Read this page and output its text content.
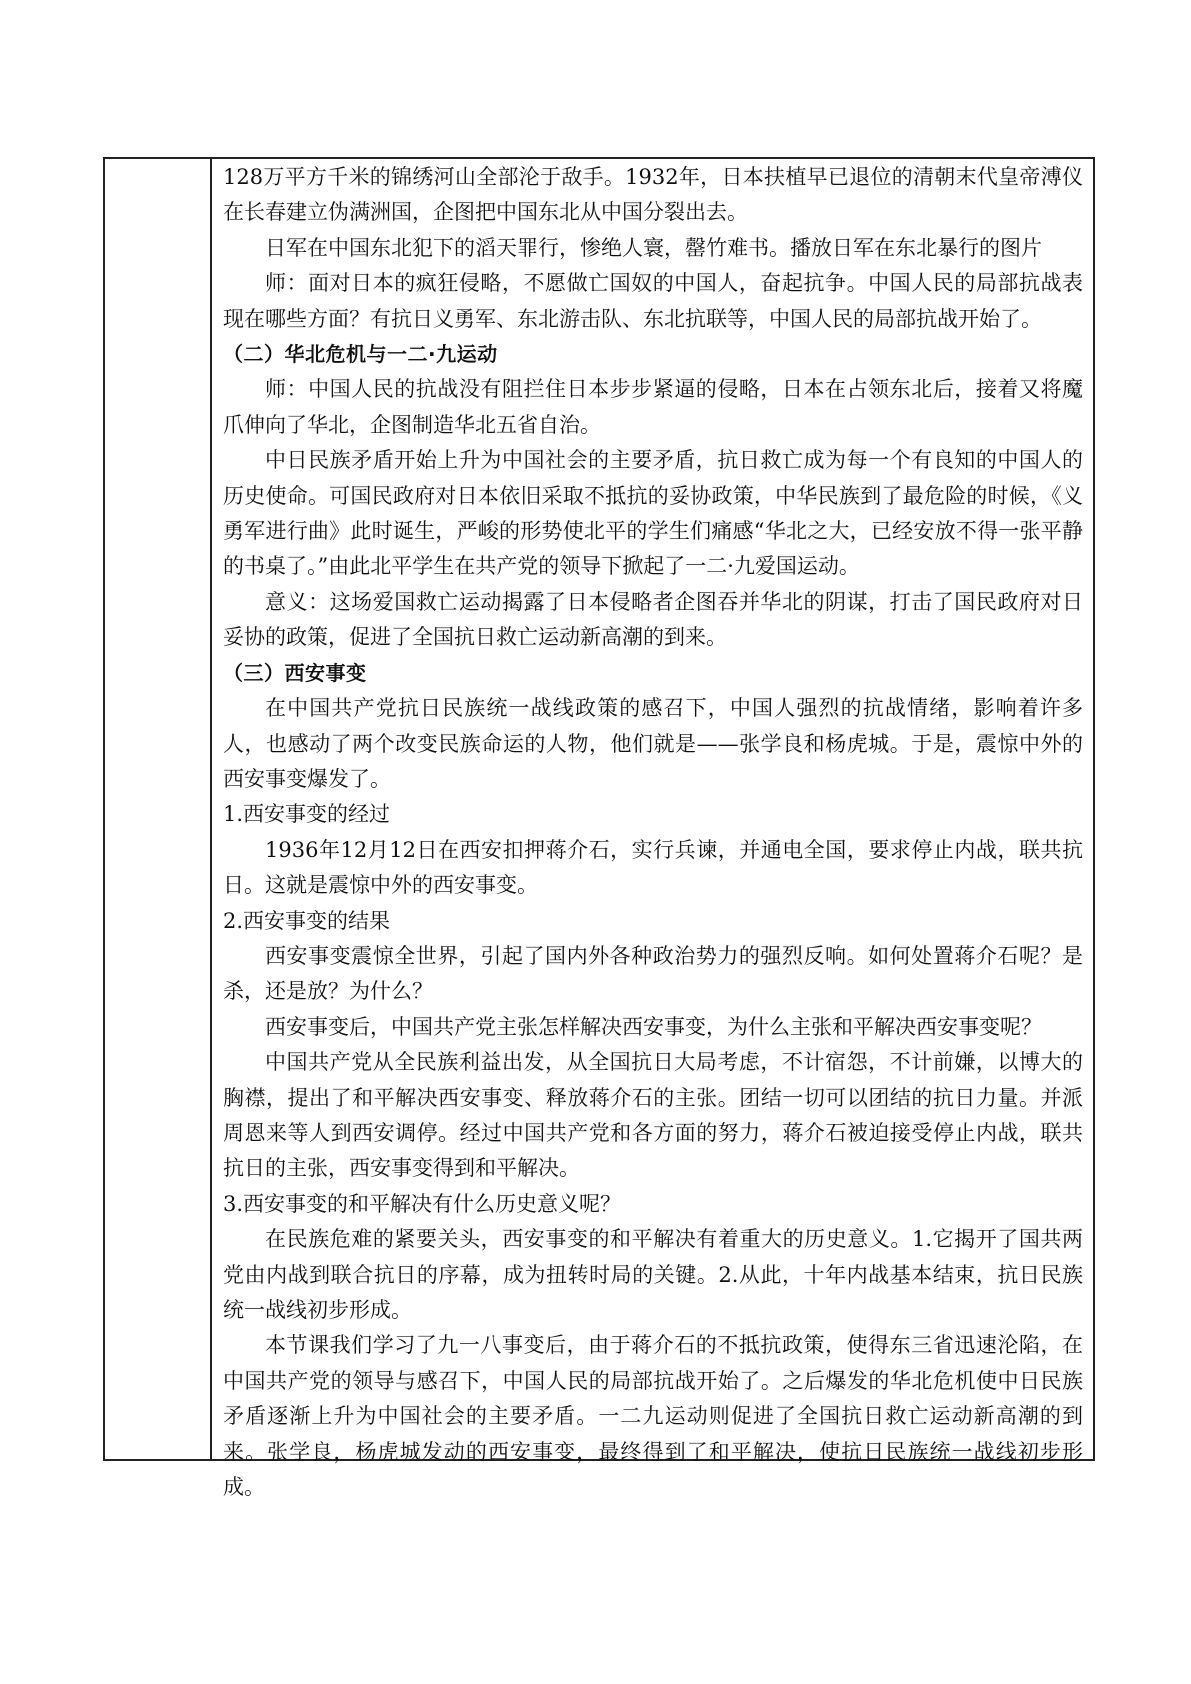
128万平方千米的锦绣河山全部沦于敌手。1932年，日本扶植早已退位的清朝末代皇帝溥仪在长春建立伪满洲国，企图把中国东北从中国分裂出去。

日军在中国东北犯下的滔天罪行，惨绝人寰，罄竹难书。播放日军在东北暴行的图片

师：面对日本的疯狂侵略，不愿做亡国奴的中国人，奋起抗争。中国人民的局部抗战表现在哪些方面？有抗日义勇军、东北游击队、东北抗联等，中国人民的局部抗战开始了。

（二）华北危机与一二·九运动

师：中国人民的抗战没有阻拦住日本步步紧逼的侵略，日本在占领东北后，接着又将魔爪伸向了华北，企图制造华北五省自治。

中日民族矛盾开始上升为中国社会的主要矛盾，抗日救亡成为每一个有良知的中国人的历史使命。可国民政府对日本依旧采取不抵抗的妥协政策，中华民族到了最危险的时候，《义勇军进行曲》此时诞生，严峻的形势使北平的学生们痛感“华北之大，已经安放不得一张平静的书桌了。”由此北平学生在共产党的领导下掀起了一二·九爱国运动。

意义：这场爱国救亡运动揭露了日本侵略者企图吞并华北的阴谋，打击了国民政府对日妥协的政策，促进了全国抗日救亡运动新高潮的到来。

（三）西安事变

在中国共产党抗日民族统一战线政策的感召下，中国人强烈的抗战情绪，影响着许多人，也感动了两个改变民族命运的人物，他们就是——张学良和杨虎城。于是，震惊中外的西安事变爆发了。

1.西安事变的经过

1936年12月12日在西安扣押蒋介石，实行兵谏，并通电全国，要求停止内战，联共抗日。这就是震惊中外的西安事变。

2.西安事变的结果

西安事变震惊全世界，引起了国内外各种政治势力的强烈反响。如何处置蒋介石呢？是杀，还是放？为什么？

西安事变后，中国共产党主张怎样解决西安事变，为什么主张和平解决西安事变呢？

中国共产党从全民族利益出发，从全国抗日大局考虑，不计宿怨，不计前嫌，以博大的胸襟，提出了和平解决西安事变、释放蒋介石的主张。团结一切可以团结的抗日力量。并派周恩来等人到西安调停。经过中国共产党和各方面的努力，蒋介石被迫接受停止内战，联共抗日的主张，西安事变得到和平解决。

3.西安事变的和平解决有什么历史意义呢？

在民族危难的紧要关头，西安事变的和平解决有着重大的历史意义。1.它揭开了国共两党由内战到联合抗日的序幕，成为扭转时局的关键。2.从此，十年内战基本结束，抗日民族统一战线初步形成。

本节课我们学习了九一八事变后，由于蒋介石的不抵抗政策，使得东三省迅速沦陷，在中国共产党的领导与感召下，中国人民的局部抗战开始了。之后爆发的华北危机使中日民族矛盾逐渐上升为中国社会的主要矛盾。一二九运动则促进了全国抗日救亡运动新高潮的到来。张学良，杨虎城发动的西安事变，最终得到了和平解决，使抗日民族统一战线初步形成。
